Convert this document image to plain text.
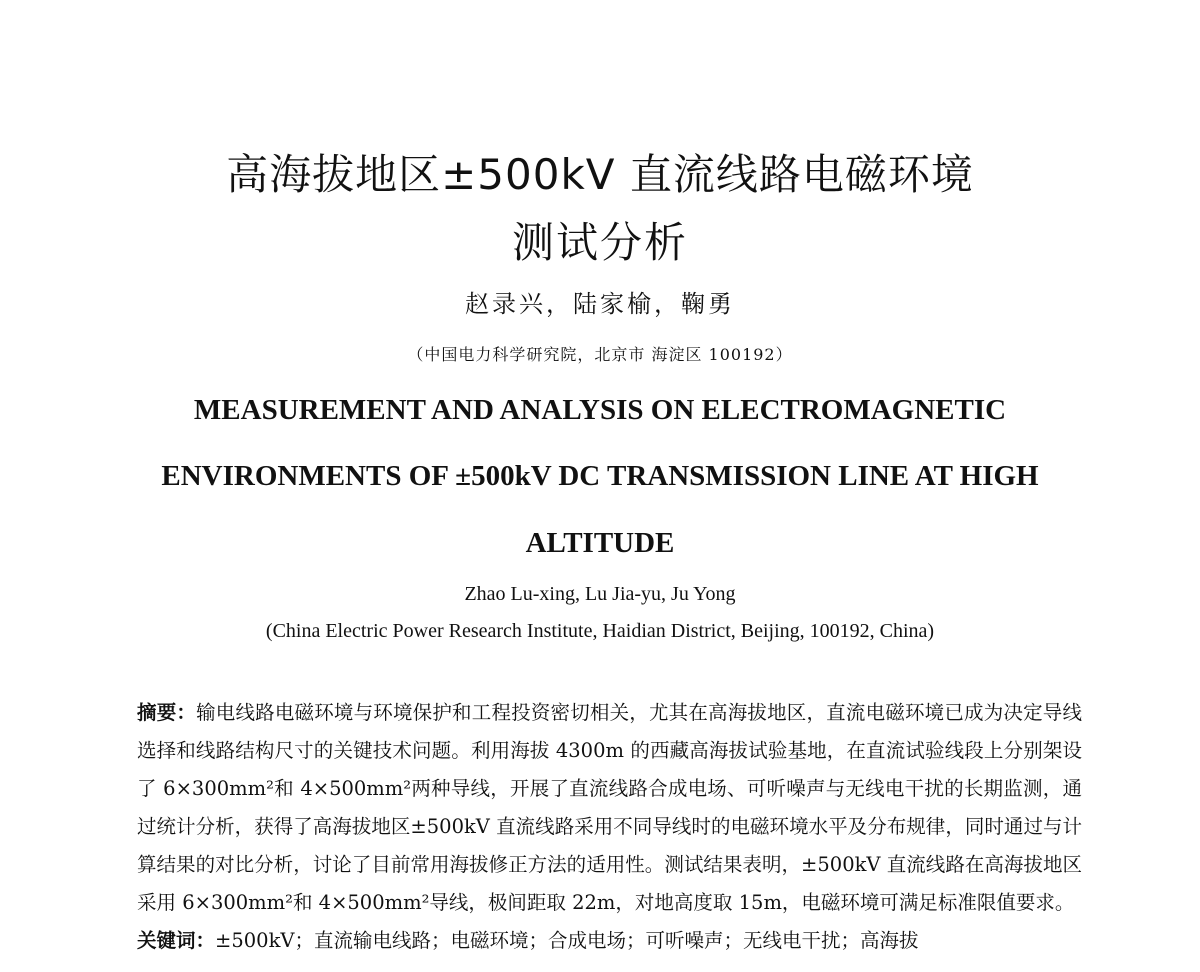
高海拔地区±500kV 直流线路电磁环境
测试分析
赵录兴，陆家榆，鞠勇
（中国电力科学研究院，北京市 海淀区 100192）
MEASUREMENT AND ANALYSIS ON ELECTROMAGNETIC
ENVIRONMENTS OF ±500kV DC TRANSMISSION LINE AT HIGH
ALTITUDE
Zhao Lu-xing, Lu Jia-yu, Ju Yong
(China Electric Power Research Institute, Haidian District, Beijing, 100192, China)

摘要：输电线路电磁环境与环境保护和工程投资密切相关，尤其在高海拔地区，直流电磁环境已成为决定导线选择和线路结构尺寸的关键技术问题。利用海拔 4300m 的西藏高海拔试验基地，在直流试验线段上分别架设了 6×300mm²和 4×500mm²两种导线，开展了直流线路合成电场、可听噪声与无线电干扰的长期监测，通过统计分析，获得了高海拔地区±500kV 直流线路采用不同导线时的电磁环境水平及分布规律，同时通过与计算结果的对比分析，讨论了目前常用海拔修正方法的适用性。测试结果表明，±500kV 直流线路在高海拔地区采用 6×300mm²和 4×500mm²导线，极间距取 22m，对地高度取 15m，电磁环境可满足标准限值要求。

关键词：±500kV；直流输电线路；电磁环境；合成电场；可听噪声；无线电干扰；高海拔
